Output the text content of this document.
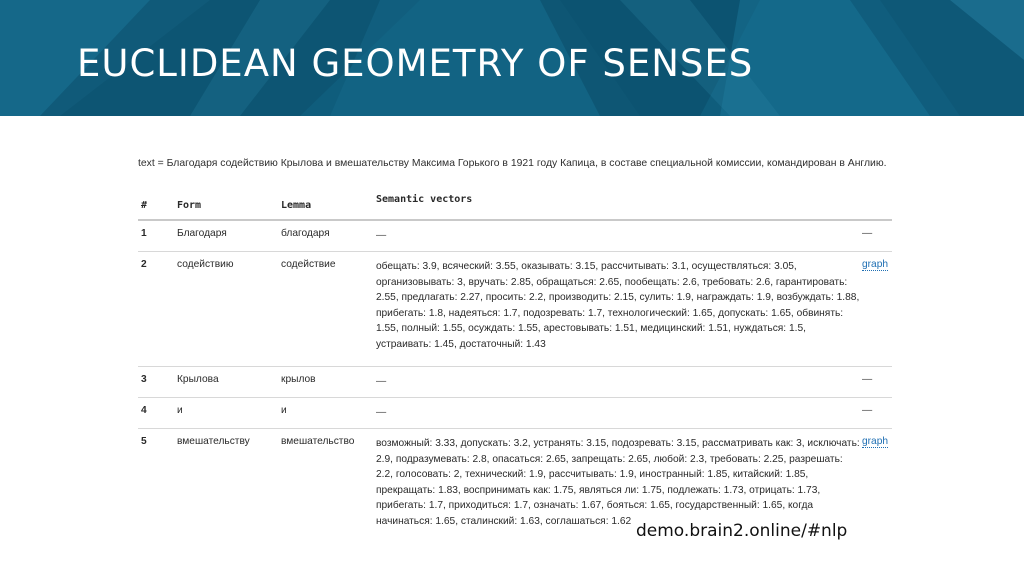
EUCLIDEAN GEOMETRY OF SENSES
text = Благодаря содействию Крылова и вмешательству Максима Горького в 1921 году Капица, в составе специальной комиссии, командирован в Англию.
#	Form	Lemma	Semantic vectors	
1	Благодаря	благодаря	—	—
2	содействию	содействие	обещать: 3.9, всяческий: 3.55, оказывать: 3.15, рассчитывать: 3.1, осуществляться: 3.05, организовывать: 3, вручать: 2.85, обращаться: 2.65, пообещать: 2.6, требовать: 2.6, гарантировать: 2.55, предлагать: 2.27, просить: 2.2, производить: 2.15, сулить: 1.9, награждать: 1.9, возбуждать: 1.88, прибегать: 1.8, надеяться: 1.7, подозревать: 1.7, технологический: 1.65, допускать: 1.65, обвинять: 1.55, полный: 1.55, осуждать: 1.55, арестовывать: 1.51, медицинский: 1.51, нуждаться: 1.5, устраивать: 1.45, достаточный: 1.43	graph
3	Крылова	крылов	—	—
4	и	и	—	—
5	вмешательству	вмешательство	возможный: 3.33, допускать: 3.2, устранять: 3.15, подозревать: 3.15, рассматривать как: 3, исключать: 2.9, подразумевать: 2.8, опасаться: 2.65, запрещать: 2.65, любой: 2.3, требовать: 2.25, разрешать: 2.2, голосовать: 2, технический: 1.9, рассчитывать: 1.9, иностранный: 1.85, китайский: 1.85, прекращать: 1.83, воспринимать как: 1.75, являться ли: 1.75, подлежать: 1.73, отрицать: 1.73, прибегать: 1.7, приходиться: 1.7, означать: 1.67, бояться: 1.65, государственный: 1.65, когда начинаться: 1.65, сталинский: 1.63, соглашаться: 1.62	graph
demo.brain2.online/#nlp
